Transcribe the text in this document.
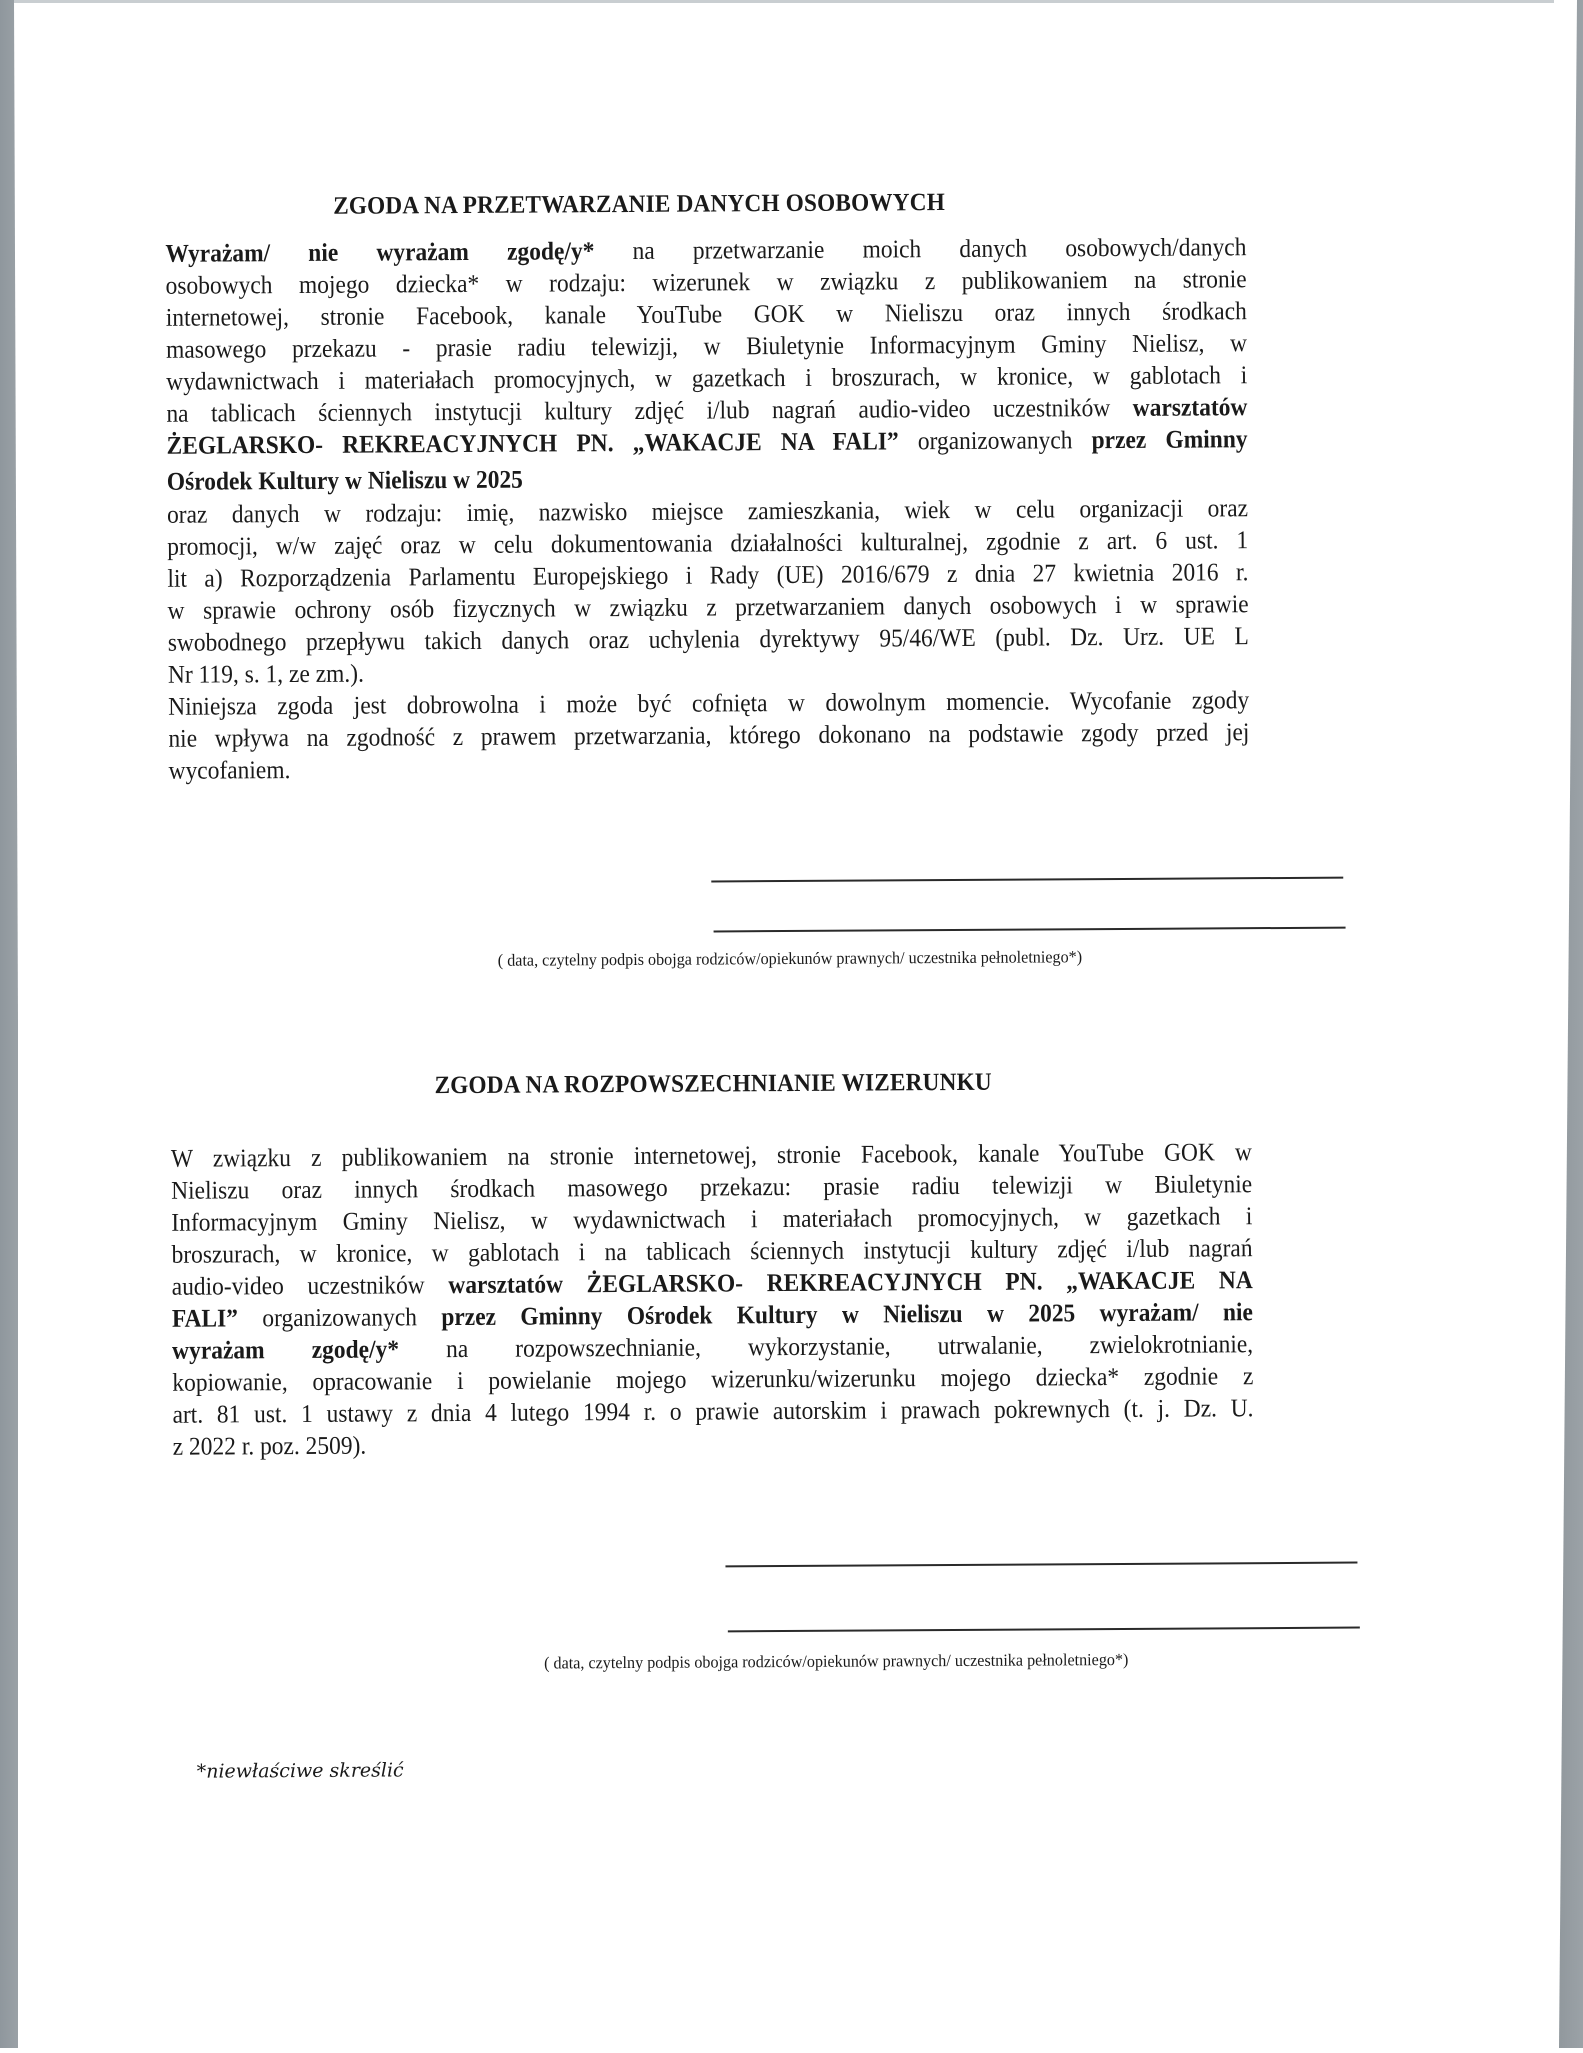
ZGODA NA PRZETWARZANIE DANYCH OSOBOWYCH
Wyrażam/ nie wyrażam zgodę/y* na przetwarzanie moich danych osobowych/danych
osobowych mojego dziecka* w rodzaju: wizerunek w związku z publikowaniem na stronie
internetowej, stronie Facebook, kanale YouTube GOK w Nieliszu oraz innych środkach
masowego przekazu - prasie radiu telewizji, w Biuletynie Informacyjnym Gminy Nielisz, w
wydawnictwach i materiałach promocyjnych, w gazetkach i broszurach, w kronice, w gablotach i
na tablicach ściennych instytucji kultury zdjęć i/lub nagrań audio-video uczestników warsztatów
ŻEGLARSKO- REKREACYJNYCH PN. „WAKACJE NA FALI” organizowanych przez Gminny
Ośrodek Kultury w Nieliszu w 2025
oraz danych w rodzaju: imię, nazwisko miejsce zamieszkania, wiek w celu organizacji oraz
promocji, w/w zajęć oraz w celu dokumentowania działalności kulturalnej, zgodnie z art. 6 ust. 1
lit a) Rozporządzenia Parlamentu Europejskiego i Rady (UE) 2016/679 z dnia 27 kwietnia 2016 r.
w sprawie ochrony osób fizycznych w związku z przetwarzaniem danych osobowych i w sprawie
swobodnego przepływu takich danych oraz uchylenia dyrektywy 95/46/WE (publ. Dz. Urz. UE L
Nr 119, s. 1, ze zm.).
Niniejsza zgoda jest dobrowolna i może być cofnięta w dowolnym momencie. Wycofanie zgody
nie wpływa na zgodność z prawem przetwarzania, którego dokonano na podstawie zgody przed jej
wycofaniem.
( data, czytelny podpis obojga rodziców/opiekunów prawnych/ uczestnika pełnoletniego*)
ZGODA NA ROZPOWSZECHNIANIE WIZERUNKU
W związku z publikowaniem na stronie internetowej, stronie Facebook, kanale YouTube GOK w
Nieliszu oraz innych środkach masowego przekazu: prasie radiu telewizji w Biuletynie
Informacyjnym Gminy Nielisz, w wydawnictwach i materiałach promocyjnych, w gazetkach i
broszurach, w kronice, w gablotach i na tablicach ściennych instytucji kultury zdjęć i/lub nagrań
audio-video uczestników warsztatów ŻEGLARSKO- REKREACYJNYCH PN. „WAKACJE NA
FALI” organizowanych przez Gminny Ośrodek Kultury w Nieliszu w 2025 wyrażam/ nie
wyrażam zgodę/y* na rozpowszechnianie, wykorzystanie, utrwalanie, zwielokrotnianie,
kopiowanie, opracowanie i powielanie mojego wizerunku/wizerunku mojego dziecka* zgodnie z
art. 81 ust. 1 ustawy z dnia 4 lutego 1994 r. o prawie autorskim i prawach pokrewnych (t. j. Dz. U.
z 2022 r. poz. 2509).
( data, czytelny podpis obojga rodziców/opiekunów prawnych/ uczestnika pełnoletniego*)
*niewłaściwe skreślić
